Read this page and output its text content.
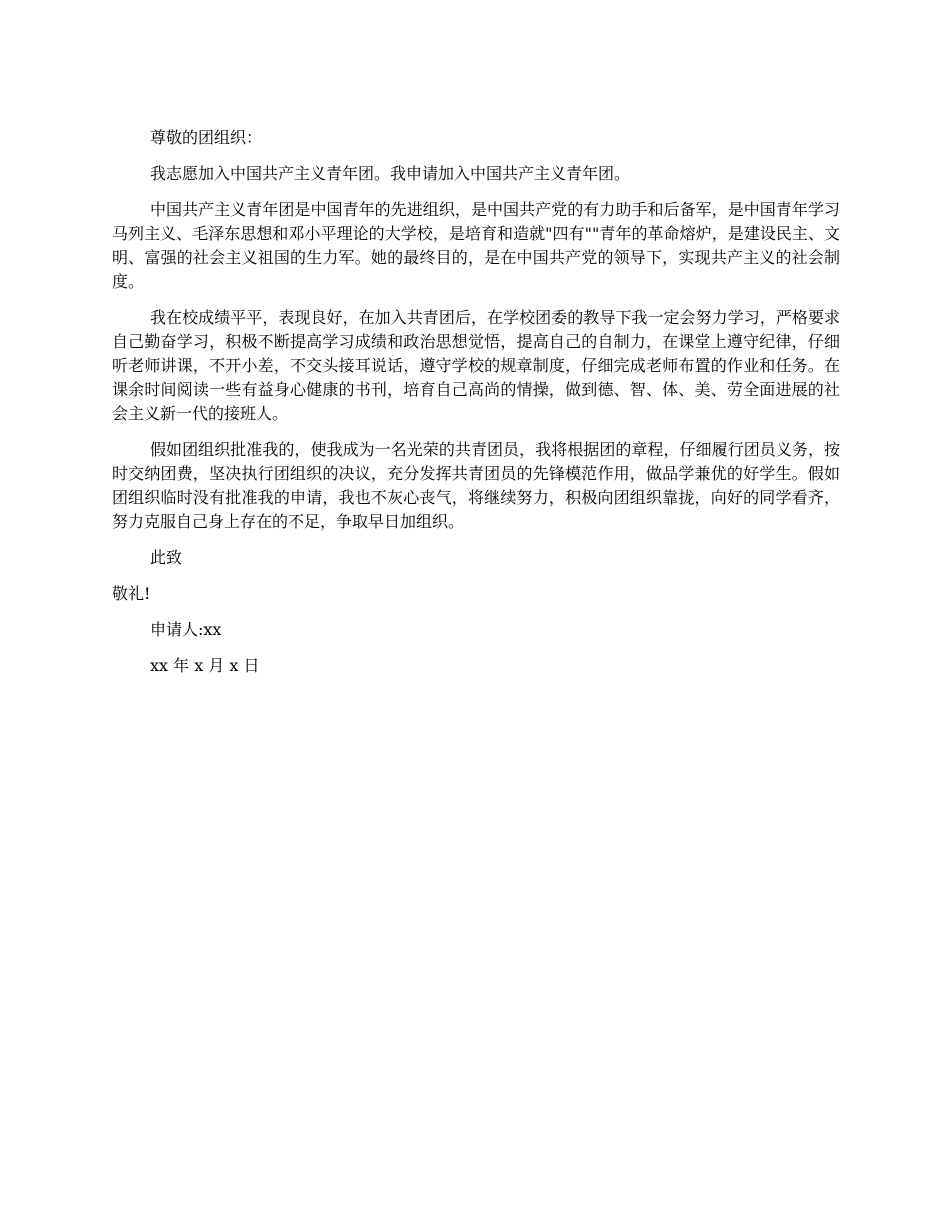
尊敬的团组织：

我志愿加入中国共产主义青年团。我申请加入中国共产主义青年团。

中国共产主义青年团是中国青年的先进组织，是中国共产党的有力助手和后备军，是中国青年学习马列主义、毛泽东思想和邓小平理论的大学校，是培育和造就"四有""青年的革命熔炉，是建设民主、文明、富强的社会主义祖国的生力军。她的最终目的，是在中国共产党的领导下，实现共产主义的社会制度。

我在校成绩平平，表现良好，在加入共青团后，在学校团委的教导下我一定会努力学习，严格要求自己勤奋学习，积极不断提高学习成绩和政治思想觉悟，提高自己的自制力，在课堂上遵守纪律，仔细听老师讲课，不开小差，不交头接耳说话，遵守学校的规章制度，仔细完成老师布置的作业和任务。在课余时间阅读一些有益身心健康的书刊，培育自己高尚的情操，做到德、智、体、美、劳全面进展的社会主义新一代的接班人。

假如团组织批准我的，使我成为一名光荣的共青团员，我将根据团的章程，仔细履行团员义务，按时交纳团费，坚决执行团组织的决议，充分发挥共青团员的先锋模范作用，做品学兼优的好学生。假如团组织临时没有批准我的申请，我也不灰心丧气，将继续努力，积极向团组织靠拢，向好的同学看齐，努力克服自己身上存在的不足，争取早日加组织。

此致

敬礼!

申请人:xx

xx 年 x 月 x 日
